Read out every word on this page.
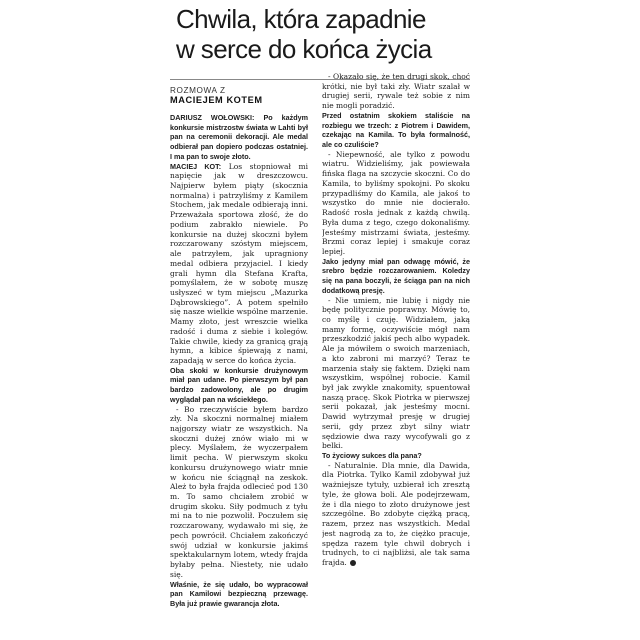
Chwila, która zapadnie
w serce do końca życia
ROZMOWA Z
MACIEJEM KOTEM

DARIUSZ WOŁOWSKI: Po każdym konkursie mistrzostw świata w Lahti był pan na ceremonii dekoracji. Ale medal odbierał pan dopiero podczas ostatniej. I ma pan to swoje złoto.

MACIEJ KOT: Los stopniował mi napięcie jak w dreszczowcu. Najpierw byłem piąty (skocznia normalna) i patrzyliśmy z Kamilem Stochem, jak medale odbierają inni. Przeważała sportowa złość, że do podium zabrakło niewiele. Po konkursie na dużej skoczni byłem rozczarowany szóstym miejscem, ale patrzyłem, jak upragniony medal odbiera przyjaciel. I kiedy grali hymn dla Stefana Krafta, pomyślałem, że w sobotę muszę usłyszeć w tym miejscu „Mazurka Dąbrowskiego”. A potem spełniło się nasze wielkie wspólne marzenie. Mamy złoto, jest wreszcie wielka radość i duma z siebie i kolegów. Takie chwile, kiedy za granicą grają hymn, a kibice śpiewają z nami, zapadają w serce do końca życia.

Oba skoki w konkursie drużynowym miał pan udane. Po pierwszym był pan bardzo zadowolony, ale po drugim wyglądał pan na wściekłego.

- Bo rzeczywiście byłem bardzo zły. Na skoczni normalnej miałem najgorszy wiatr ze wszystkich. Na skoczni dużej znów wiało mi w plecy. Myślałem, że wyczerpałem limit pecha. W pierwszym skoku konkursu drużynowego wiatr mnie w końcu nie ściągnął na zeskok. Ależ to była frajda odlecieć pod 130 m. To samo chciałem zrobić w drugim skoku. Siły podmuch z tyłu mi na to nie pozwolił. Poczułem się rozczarowany, wydawało mi się, że pech powrócił. Chciałem zakończyć swój udział w konkursie jakimś spektakularnym lotem, wtedy frajda byłaby pełna. Niestety, nie udało się.

Właśnie, że się udało, bo wypracował pan Kamilowi bezpieczną przewagę. Była już prawie gwarancja złota.

- Okazało się, że ten drugi skok, choć krótki, nie był taki zły. Wiatr szalał w drugiej serii, rywale też sobie z nim nie mogli poradzić.

Przed ostatnim skokiem staliście na rozbiegu we trzech: z Piotrem i Dawidem, czekając na Kamila. To była formalność, ale co czuliście?

- Niepewność, ale tylko z powodu wiatru. Widzieliśmy, jak powiewała fińska flaga na szczycie skoczni. Co do Kamila, to byliśmy spokojni. Po skoku przypadliśmy do Kamila, ale jakoś to wszystko do mnie nie docierało. Radość rosła jednak z każdą chwilą. Była duma z tego, czego dokonaliśmy. Jesteśmy mistrzami świata, jesteśmy. Brzmi coraz lepiej i smakuje coraz lepiej.

Jako jedyny miał pan odwagę mówić, że srebro będzie rozczarowaniem. Koledzy się na pana boczyli, że ściąga pan na nich dodatkową presję.

- Nie umiem, nie lubię i nigdy nie będę politycznie poprawny. Mówię to, co myślę i czuję. Widziałem, jaką mamy formę, oczywiście mógł nam przeszkodzić jakiś pech albo wypadek. Ale ja mówiłem o swoich marzeniach, a kto zabroni mi marzyć? Teraz te marzenia stały się faktem. Dzięki nam wszystkim, wspólnej robocie. Kamil był jak zwykle znakomity, spuentował naszą pracę. Skok Piotrka w pierwszej serii pokazał, jak jesteśmy mocni. Dawid wytrzymał presję w drugiej serii, gdy przez zbyt silny wiatr sędziowie dwa razy wycofywali go z belki.

To życiowy sukces dla pana?

- Naturalnie. Dla mnie, dla Dawida, dla Piotrka. Tylko Kamil zdobywał już ważniejsze tytuły, uzbierał ich zresztą tyle, że głowa boli. Ale podejrzewam, że i dla niego to złoto drużynowe jest szczególne. Bo zdobyte ciężką pracą, razem, przez nas wszystkich. Medal jest nagrodą za to, że ciężko pracuje, spędza razem tyle chwil dobrych i trudnych, to ci najbliżsi, ale tak sama frajda.
